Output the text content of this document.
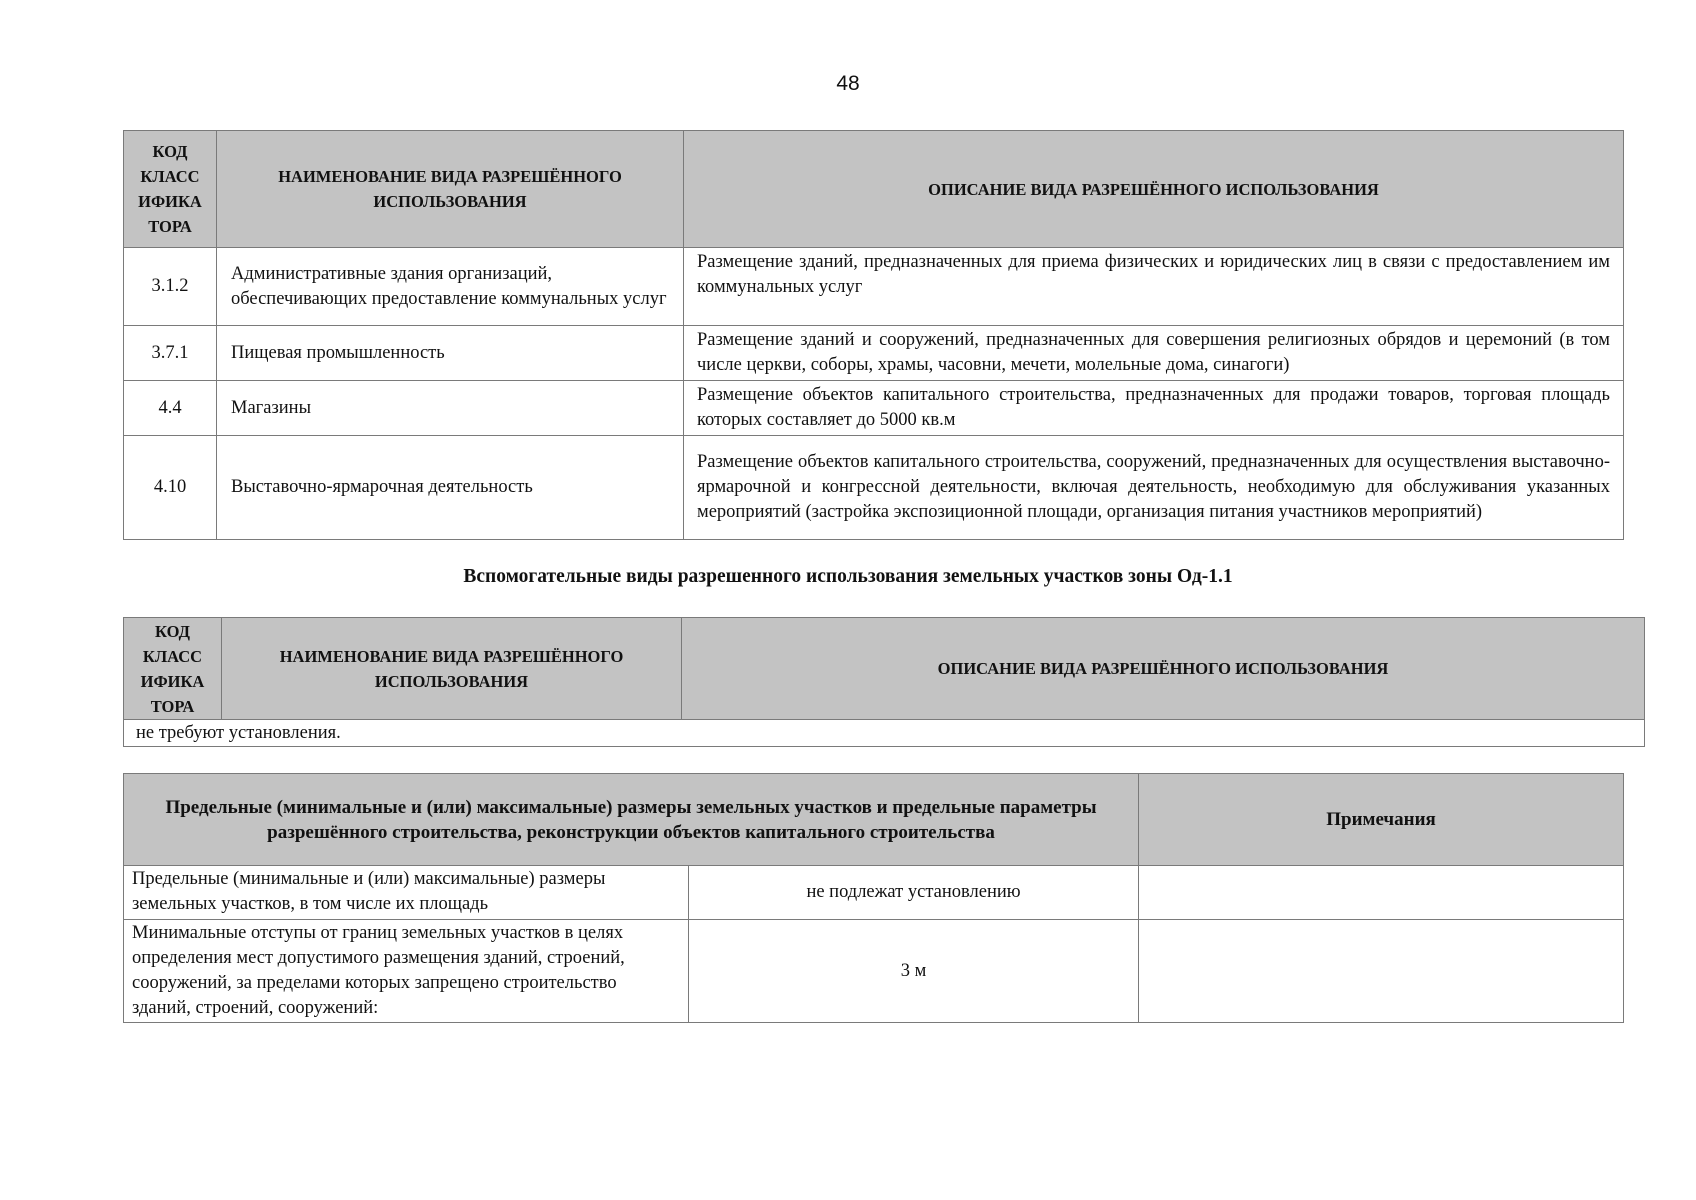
48
КОД КЛАСС ИФИКА ТОРА	НАИМЕНОВАНИЕ ВИДА РАЗРЕШЁННОГО ИСПОЛЬЗОВАНИЯ	ОПИСАНИЕ ВИДА РАЗРЕШЁННОГО ИСПОЛЬЗОВАНИЯ
3.1.2	Административные здания организаций, обеспечивающих предоставление коммунальных услуг	Размещение зданий, предназначенных для приема физических и юридических лиц в связи с предоставлением им коммунальных услуг
3.7.1	Пищевая промышленность	Размещение зданий и сооружений, предназначенных для совершения религиозных обрядов и церемоний (в том числе церкви, соборы, храмы, часовни, мечети, молельные дома, синагоги)
4.4	Магазины	Размещение объектов капитального строительства, предназначенных для продажи товаров, торговая площадь которых составляет до 5000 кв.м
4.10	Выставочно-ярмарочная деятельность	Размещение объектов капитального строительства, сооружений, предназначенных для осуществления выставочно-ярмарочной и конгрессной деятельности, включая деятельность, необходимую для обслуживания указанных мероприятий (застройка экспозиционной площади, организация питания участников мероприятий)
Вспомогательные виды разрешенного использования земельных участков зоны Од-1.1
КОД КЛАСС ИФИКА ТОРА	НАИМЕНОВАНИЕ ВИДА РАЗРЕШЁННОГО ИСПОЛЬЗОВАНИЯ	ОПИСАНИЕ ВИДА РАЗРЕШЁННОГО ИСПОЛЬЗОВАНИЯ
не требуют установления.
Предельные (минимальные и (или) максимальные) размеры земельных участков и предельные параметры разрешённого строительства, реконструкции объектов капитального строительства		Примечания
Предельные (минимальные и (или) максимальные) размеры земельных участков, в том числе их площадь	не подлежат установлению	
Минимальные отступы от границ земельных участков в целях определения мест допустимого размещения зданий, строений, сооружений, за пределами которых запрещено строительство зданий, строений, сооружений:	3 м	
